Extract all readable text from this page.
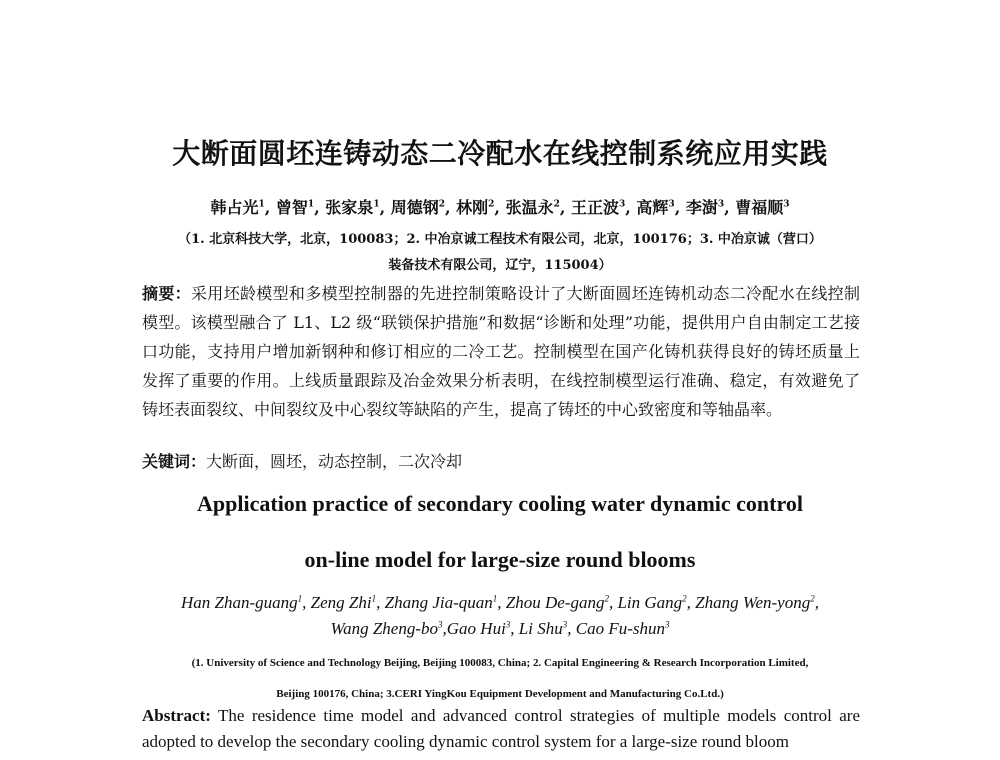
大断面圆坯连铸动态二冷配水在线控制系统应用实践
韩占光$^1$, 曾智$^1$, 张家泉$^1$, 周德钢$^2$, 林刚$^2$, 张温永$^2$, 王正波$^3$, 高辉$^3$, 李澍$^3$, 曹福顺$^3$
（1. 北京科技大学，北京，100083；2. 中冶京诚工程技术有限公司，北京，100176；3. 中冶京诚（营口）
装备技术有限公司，辽宁，115004）
摘要：采用坯龄模型和多模型控制器的先进控制策略设计了大断面圆坯连铸机动态二冷配水在线控制模型。该模型融合了 L1、L2 级“联锁保护措施”和数据“诊断和处理”功能，提供用户自由制定工艺接口功能，支持用户增加新钢种和修订相应的二冷工艺。控制模型在国产化铸机获得良好的铸坯质量上发挥了重要的作用。上线质量跟踪及冶金效果分析表明，在线控制模型运行准确、稳定，有效避免了铸坯表面裂纹、中间裂纹及中心裂纹等缺陷的产生，提高了铸坯的中心致密度和等轴晶率。
关键词：大断面，圆坯，动态控制，二次冷却
Application practice of secondary cooling water dynamic control
on-line model for large-size round blooms
Han Zhan-guang$^1$, Zeng Zhi$^1$, Zhang Jia-quan$^1$, Zhou De-gang$^2$, Lin Gang$^2$, Zhang Wen-yong$^2$,
Wang Zheng-$bo^3,Gao$ Hui$^3$, Li Shu$^3$, Cao Fu-shun$^3$
(1. University of Science and Technology Beijing, Beijing 100083, China; 2. Capital Engineering & Research Incorporation Limited,
Beijing 100176, China; 3.CERI YingKou Equipment Development and Manufacturing Co.Ltd.)
Abstract: The residence time model and advanced control strategies of multiple models control are adopted to develop the secondary cooling dynamic control system for a large-size round bloom
